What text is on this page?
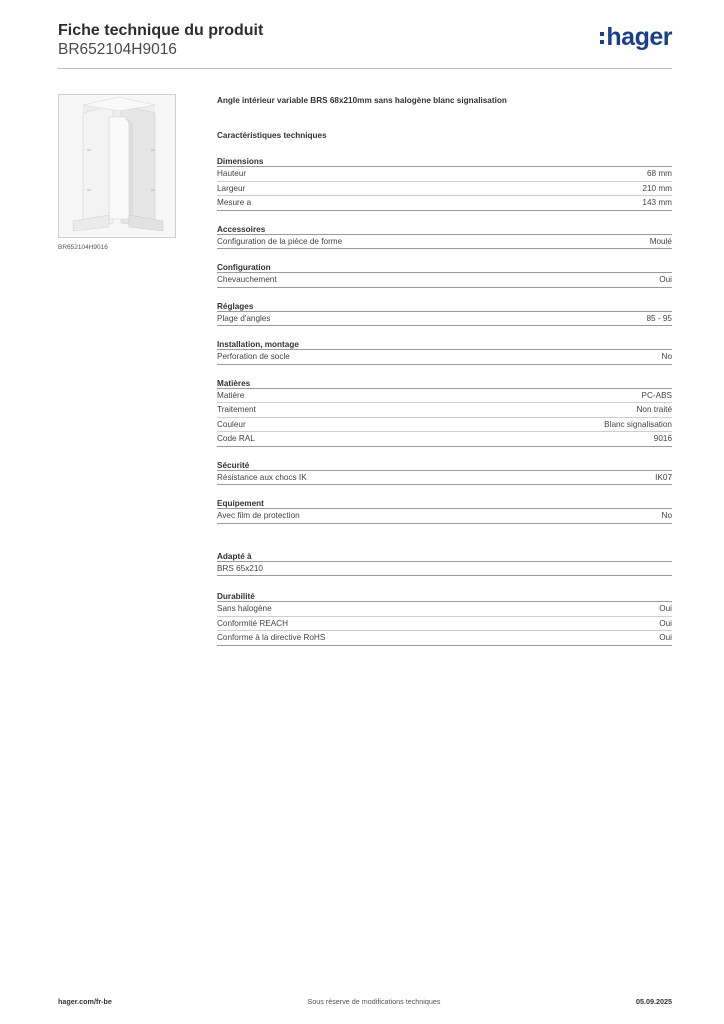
Fiche technique du produit
BR652104H9016	hager
BR652104H9016
Angle intérieur variable BRS 68x210mm sans halogène blanc signalisation
Caractéristiques techniques
Dimensions
Hauteur	68 mm
Largeur	210 mm
Mesure a	143 mm
Accessoires
Configuration de la pièce de forme	Moulé
Configuration
Chevauchement	Oui
Réglages
Plage d'angles	85 - 95
Installation, montage
Perforation de socle	No
Matières
Matière	PC-ABS
Traitement	Non traité
Couleur	Blanc signalisation
Code RAL	9016
Sécurité
Résistance aux chocs IK	IK07
Equipement
Avec film de protection	No
Adapté à
BRS 65x210
Durabilité
Sans halogène	Oui
Conformité REACH	Oui
Conforme à la directive RoHS	Oui
hager.com/fr-be	Sous réserve de modifications techniques	05.09.2025
